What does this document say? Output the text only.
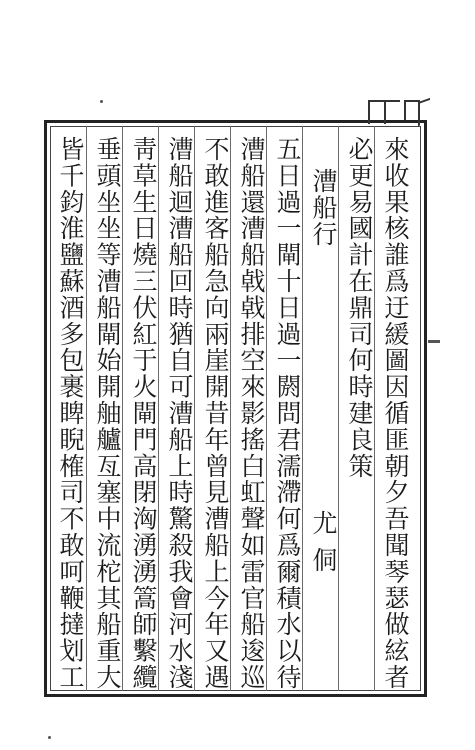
來收果核誰爲迂緩圖因循匪朝夕吾聞琴瑟做絃者
必更易國計在鼎司何時建良策
漕船行
尤侗
五日過一閘十日過一閼問君濡滯何爲爾積水以待
漕船還漕船㦸㦸排空來影搖白虹聲如雷官船逡巡
不敢進客船急向兩崖開昔年曾見漕船上今年又遇
漕船迴漕船回時猶自可漕船上時驚殺我會河水淺
靑草生日燒三伏紅于火閘門高閉洶湧湧篙師繫纜
垂頭坐坐等漕船閘始開舳艫亙塞中流柁其船重大
皆千鈞淮鹽蘇酒多包裹睥睨榷司不敢呵鞭撻划工
